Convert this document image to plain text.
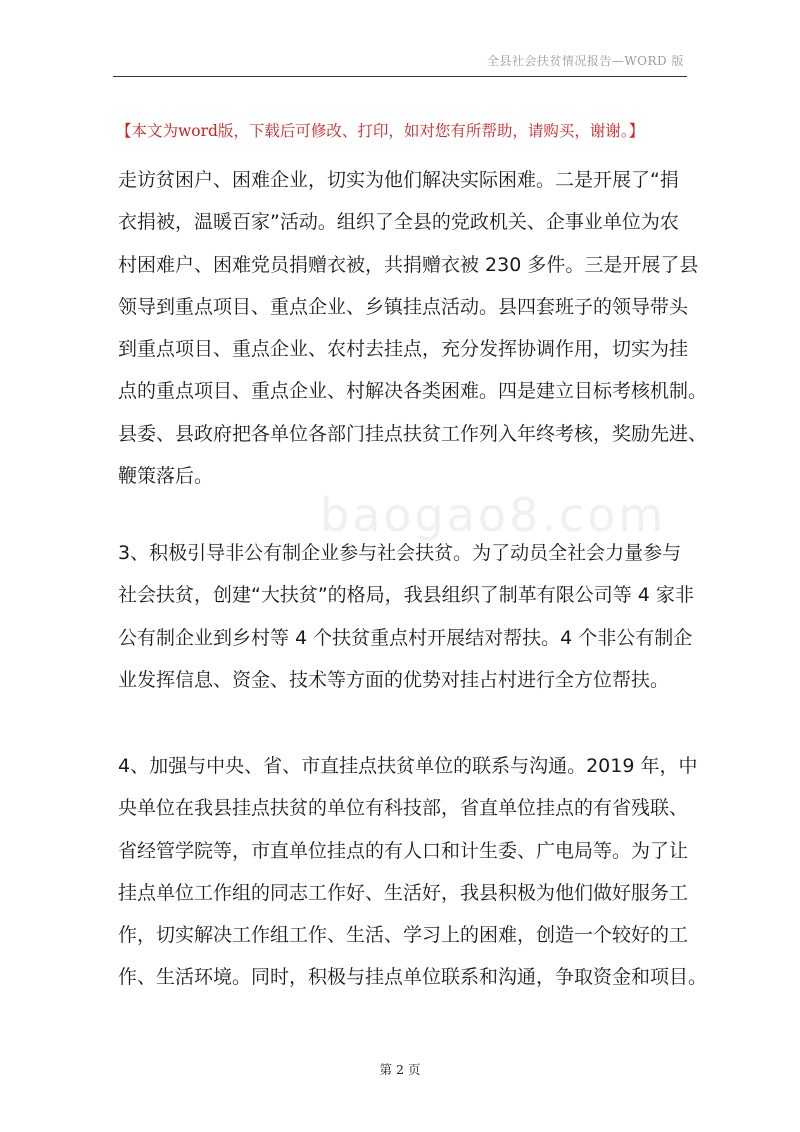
全县社会扶贫情况报告—WORD 版
【本文为word版，下载后可修改、打印，如对您有所帮助，请购买，谢谢。】
baogao8.com
走访贫困户、困难企业，切实为他们解决实际困难。二是开展了“捐
衣捐被，温暖百家”活动。组织了全县的党政机关、企事业单位为农
村困难户、困难党员捐赠衣被，共捐赠衣被 230 多件。三是开展了县
领导到重点项目、重点企业、乡镇挂点活动。县四套班子的领导带头
到重点项目、重点企业、农村去挂点，充分发挥协调作用，切实为挂
点的重点项目、重点企业、村解决各类困难。四是建立目标考核机制。
县委、县政府把各单位各部门挂点扶贫工作列入年终考核，奖励先进、
鞭策落后。
3、积极引导非公有制企业参与社会扶贫。为了动员全社会力量参与
社会扶贫，创建“大扶贫”的格局，我县组织了制革有限公司等 4 家非
公有制企业到乡村等 4 个扶贫重点村开展结对帮扶。4 个非公有制企
业发挥信息、资金、技术等方面的优势对挂占村进行全方位帮扶。
4、加强与中央、省、市直挂点扶贫单位的联系与沟通。2019 年，中
央单位在我县挂点扶贫的单位有科技部，省直单位挂点的有省残联、
省经管学院等，市直单位挂点的有人口和计生委、广电局等。为了让
挂点单位工作组的同志工作好、生活好，我县积极为他们做好服务工
作，切实解决工作组工作、生活、学习上的困难，创造一个较好的工
作、生活环境。同时，积极与挂点单位联系和沟通，争取资金和项目。
第 2 页
